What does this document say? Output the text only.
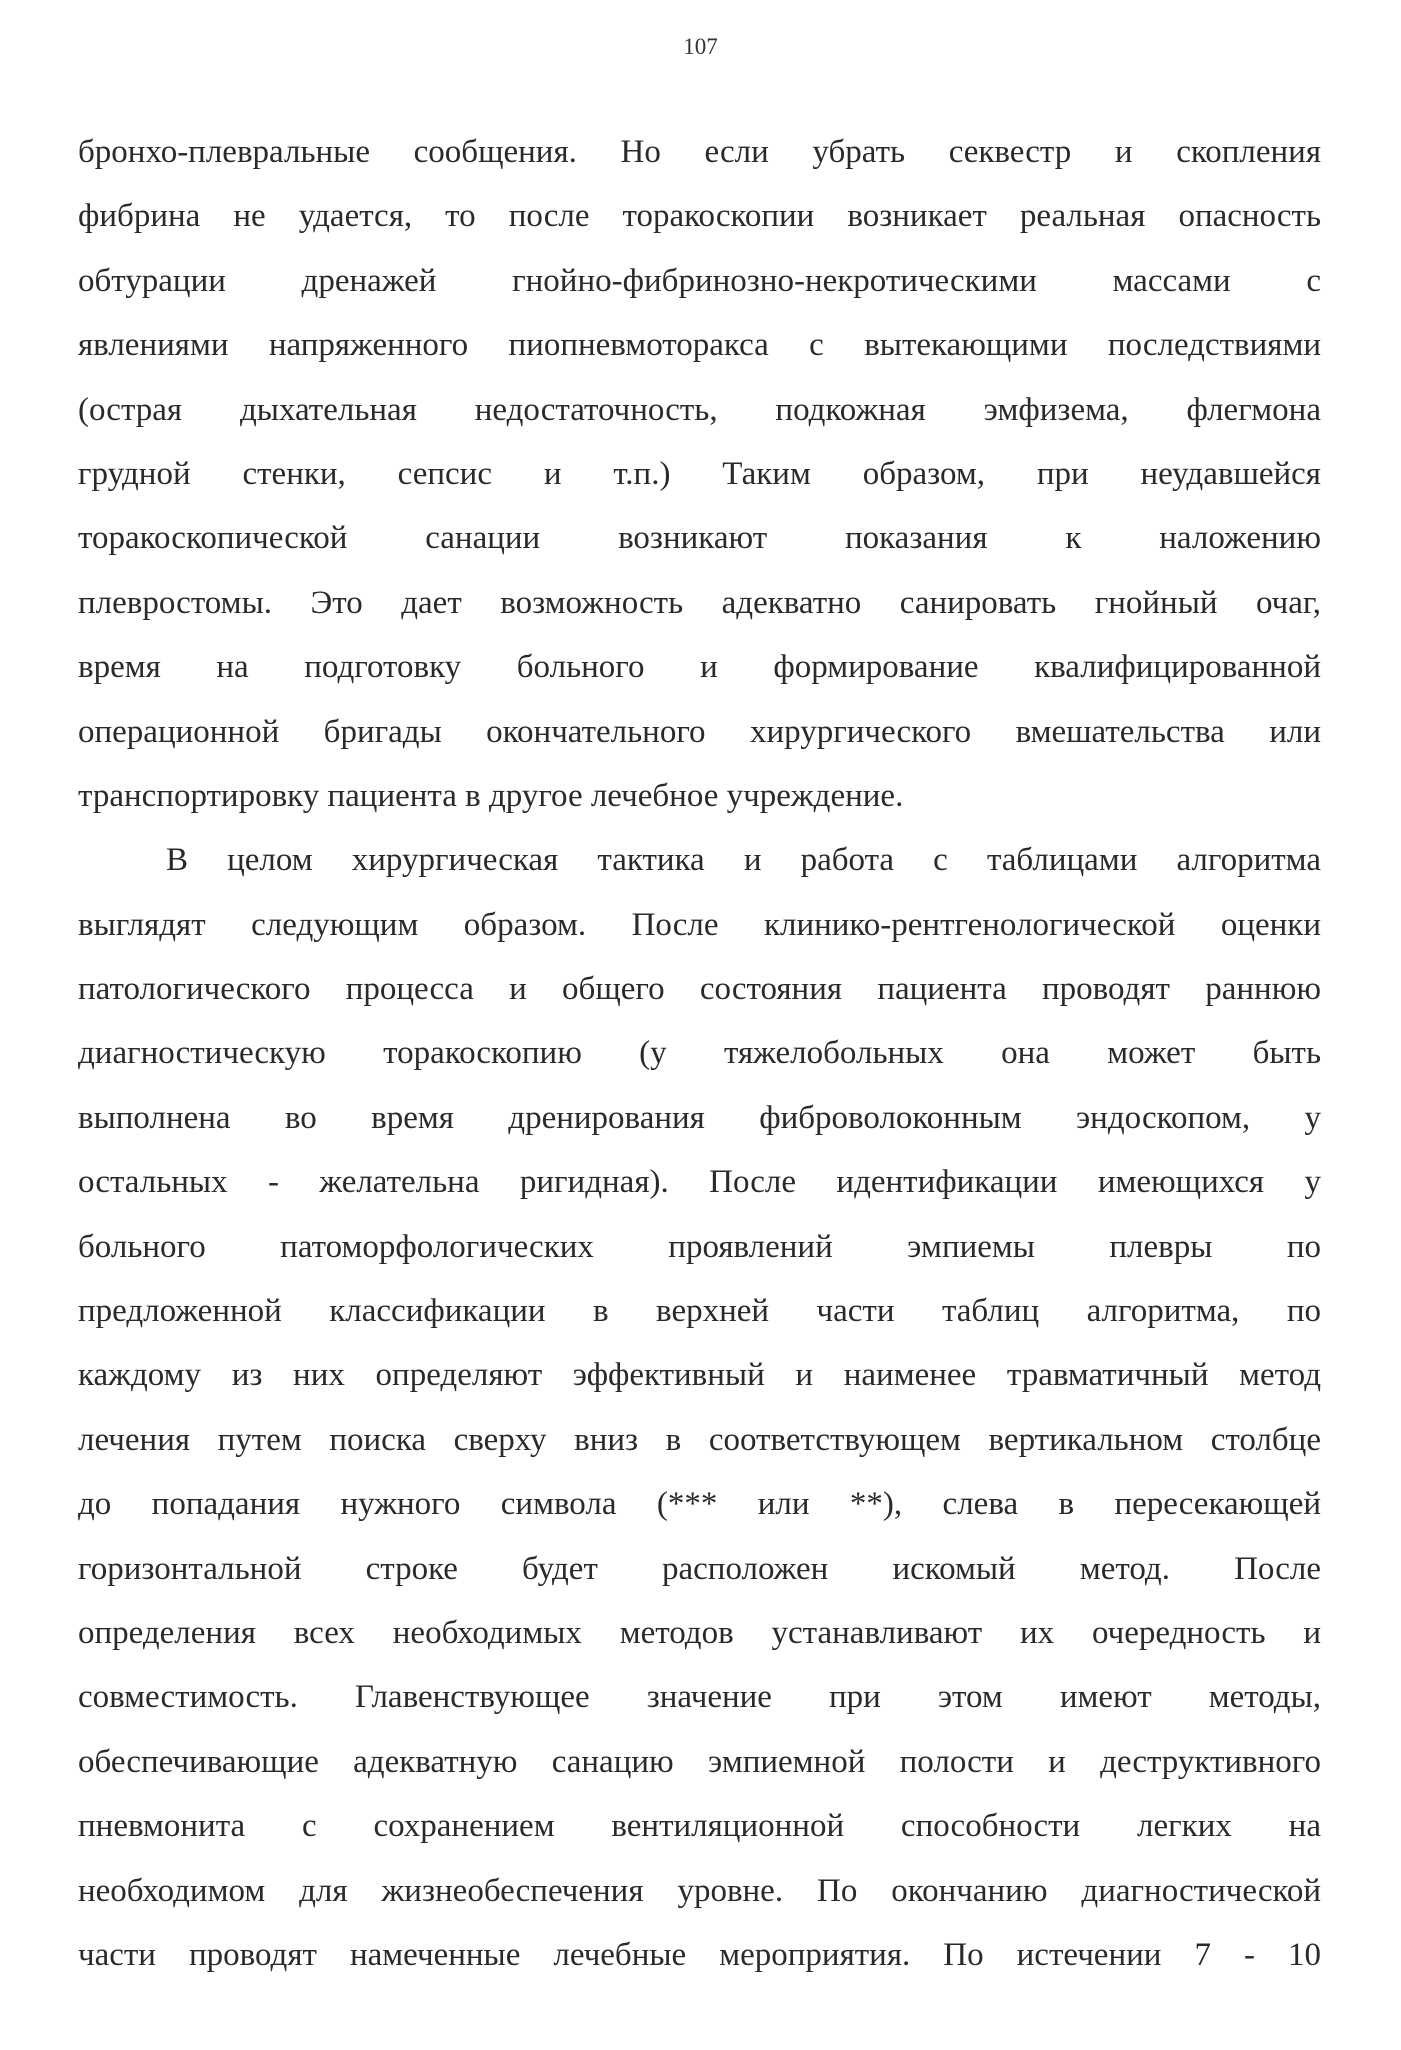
107
бронхо-плевральные сообщения. Но если убрать секвестр и скопления
фибрина не удается, то после торакоскопии возникает реальная опасность
обтурации дренажей гнойно-фибринозно-некротическими массами с
явлениями напряженного пиопневмоторакса с вытекающими последствиями
(острая дыхательная недостаточность, подкожная эмфизема, флегмона
грудной стенки, сепсис и т.п.) Таким образом, при неудавшейся
торакоскопической санации возникают показания к наложению
плевростомы. Это дает возможность адекватно санировать гнойный очаг,
время на подготовку больного и формирование квалифицированной
операционной бригады окончательного хирургического вмешательства или
транспортировку пациента в другое лечебное учреждение.
В целом хирургическая тактика и работа с таблицами алгоритма
выглядят следующим образом. После клинико-рентгенологической оценки
патологического процесса и общего состояния пациента проводят раннюю
диагностическую торакоскопию (у тяжелобольных она может быть
выполнена во время дренирования фиброволоконным эндоскопом, у
остальных - желательна ригидная). После идентификации имеющихся у
больного патоморфологических проявлений эмпиемы плевры по
предложенной классификации в верхней части таблиц алгоритма, по
каждому из них определяют эффективный и наименее травматичный метод
лечения путем поиска сверху вниз в соответствующем вертикальном столбце
до попадания нужного символа (*** или **), слева в пересекающей
горизонтальной строке будет расположен искомый метод. После
определения всех необходимых методов устанавливают их очередность и
совместимость. Главенствующее значение при этом имеют методы,
обеспечивающие адекватную санацию эмпиемной полости и деструктивного
пневмонита с сохранением вентиляционной способности легких на
необходимом для жизнеобеспечения уровне. По окончанию диагностической
части проводят намеченные лечебные мероприятия. По истечении 7 - 10
